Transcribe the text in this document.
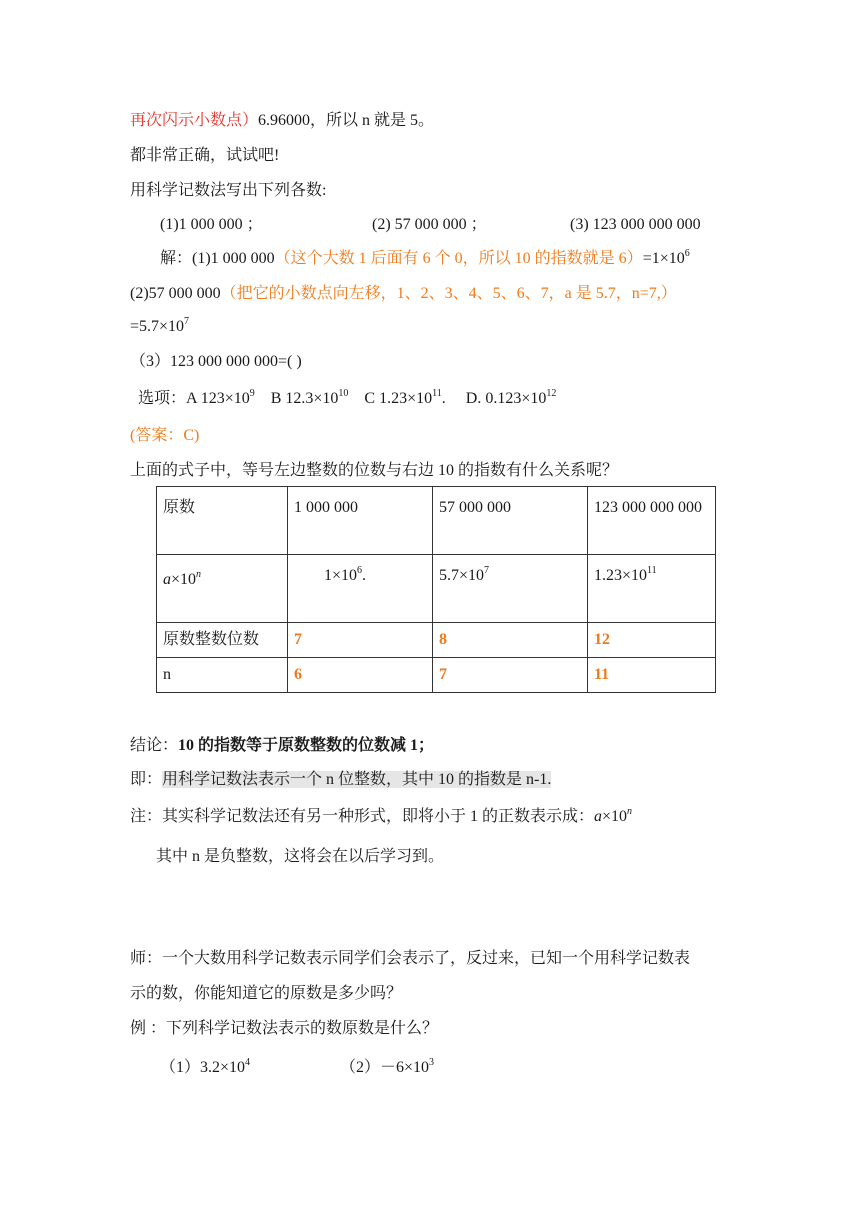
再次闪示小数点）6.96000，所以 n 就是 5。
都非常正确，试试吧!
用科学记数法写出下列各数:
(1)1 000 000 ；	(2) 57 000 000 ；	(3) 123 000 000 000
解：(1)1 000 000（这个大数 1 后面有 6 个 0，所以 10 的指数就是 $6)=1\times 10^6$
(2)57 000 000（把它的小数点向左移，1、2、3、4、5、6、7，a 是 5.7，n=7,）
$=5.7\times 10^7$
（3）123 000 000 000=( )
选项：A $123\times 10^9$ B $12.3\times 10^{10}$ C $1.23\times 10^{11}$. D. $0.123\times 10^{12}$
(答案：C)
上面的式子中，等号左边整数的位数与右边 10 的指数有什么关系呢？
原数	1 000 000	57 000 000	123 000 000 000
$a\times 10^n$	$1\times 10^6$.	$5.7\times 10^7$	$1.23\times 10^{11}$
原数整数位数	7	8	12
n	6	7	11
结论：10 的指数等于原数整数的位数减 1；
即：用科学记数法表示一个 n 位整数，其中 10 的指数是 n-1.
注：其实科学记数法还有另一种形式，即将小于 1 的正数表示成：$a\times 10^n$
其中 n 是负整数，这将会在以后学习到。
师：一个大数用科学记数表示同学们会表示了，反过来，已知一个用科学记数表
示的数，你能知道它的原数是多少吗？
例 ：下列科学记数法表示的数原数是什么？
$(1)3.2\times 10^4$	$(2)-6\times 10^3$
